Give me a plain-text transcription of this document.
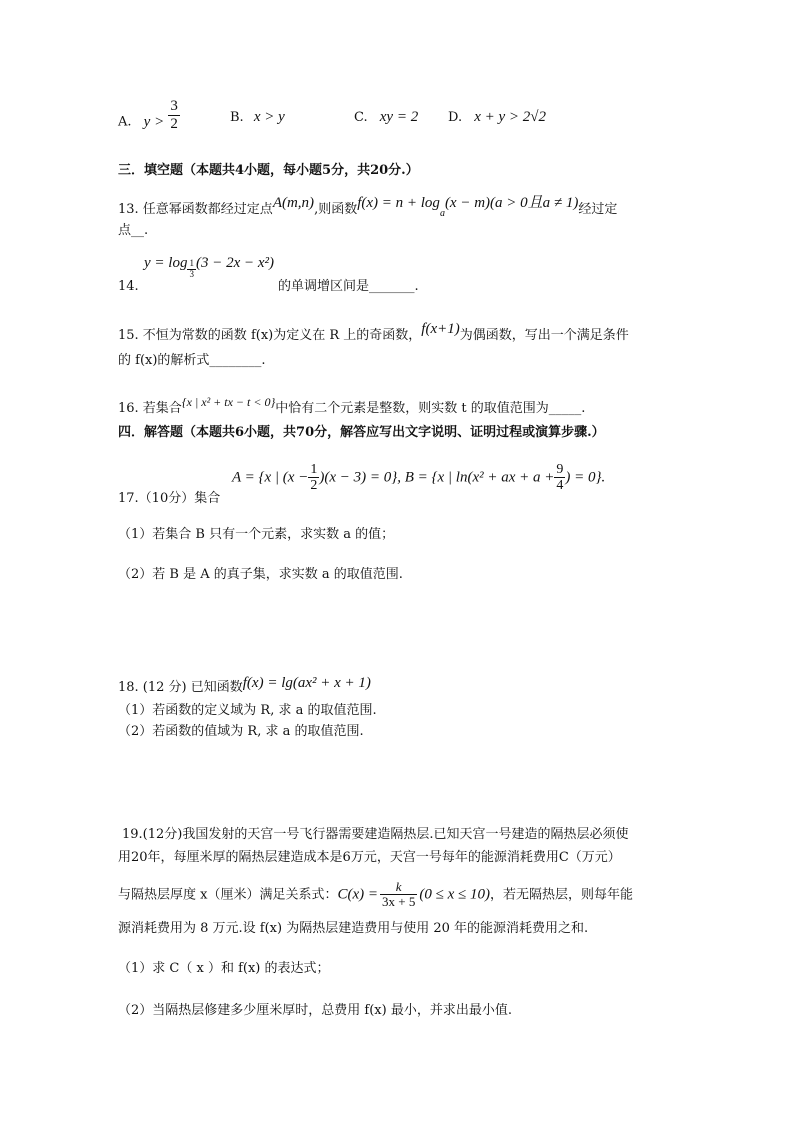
A. $y > \frac{3}{2}$	B. x > y	C. xy = 2 D. x + y > 2√2
三．填空题（本题共4小题，每小题5分，共20分.）
13. 任意幂函数都经过定点A(m,n),则函数$f(x) = n + \log_a(x - m)(a > 0$且a ≠ 1)经过定
点__.
$y = \log \frac{1}{3} (3 - 2x - x^2)$
14.	的单调增区间是_______.
15. 不恒为常数的函数 f(x)为定义在 R 上的奇函数，f(x+1)为偶函数，写出一个满足条件
的 f(x)的解析式________.
16. 若集合{x | x² + tx − t < 0}中恰有二个元素是整数，则实数 t 的取值范围为_____.
四．解答题（本题共6小题，共70分，解答应写出文字说明、证明过程或演算步骤.）
A = {x | $(x - \frac{1}{2} )(x - 3) = 0$}, B = {x | ln(x² + ax + $a + \frac{9}{4}$ ) = 0}.
17.（10分）集合
（1）若集合 B 只有一个元素，求实数 a 的值；
（2）若 B 是 A 的真子集，求实数 a 的取值范围.
18. (12 分) 已知函数f(x) = lg(ax² + x + 1)
（1）若函数的定义域为 R, 求 a 的取值范围.
（2）若函数的值域为 R, 求 a 的取值范围.
19.(12分)我国发射的天宫一号飞行器需要建造隔热层.已知天宫一号建造的隔热层必须使
用20年，每厘米厚的隔热层建造成本是6万元，天宫一号每年的能源消耗费用C（万元）
与隔热层厚度 x（厘米）满足关系式：$C(x) = \frac{k}{3x + 5} (0 \le x \le 10)$，若无隔热层，则每年能
源消耗费用为 8 万元.设 f(x) 为隔热层建造费用与使用 20 年的能源消耗费用之和.
（1）求 C（ x ）和 f(x) 的表达式；
（2）当隔热层修建多少厘米厚时，总费用 f(x) 最小，并求出最小值.
